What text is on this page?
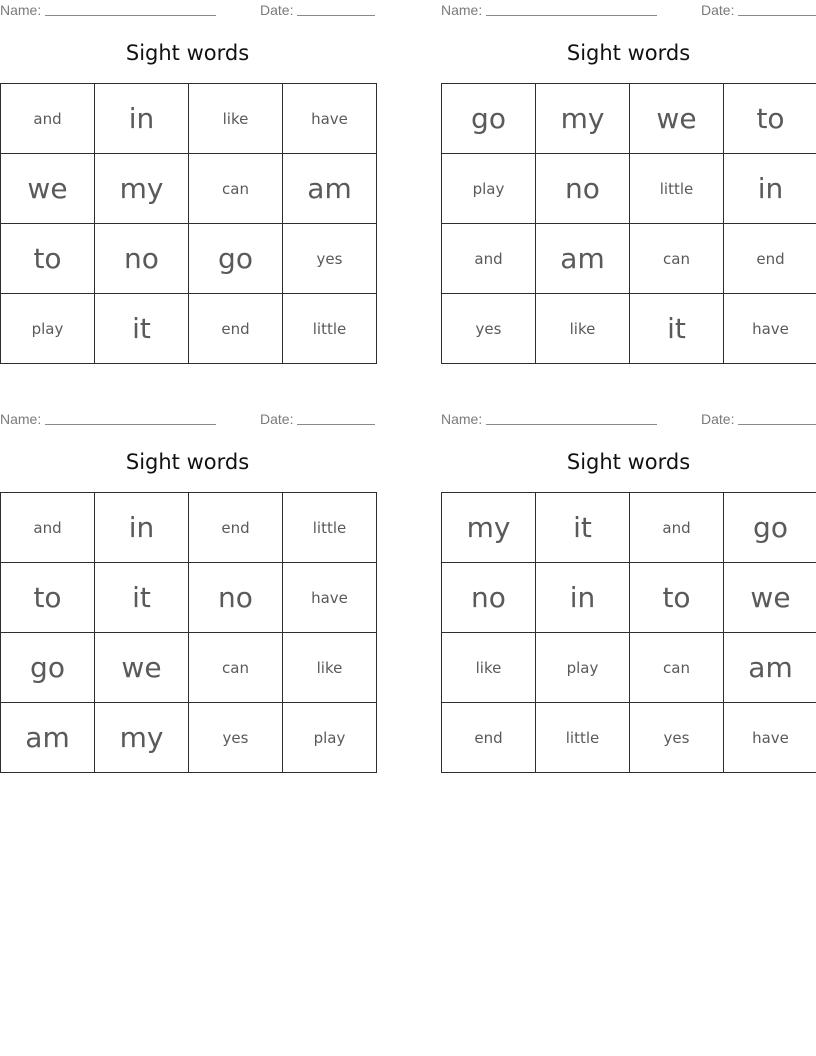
Name:	Date:
Sight words
and	in	like	have
we	my	can	am
to	no	go	yes
play	it	end	little
Name:	Date:
Sight words
go	my	we	to
play	no	little	in
and	am	can	end
yes	like	it	have
Name:	Date:
Sight words
and	in	end	little
to	it	no	have
go	we	can	like
am	my	yes	play
Name:	Date:
Sight words
my	it	and	go
no	in	to	we
like	play	can	am
end	little	yes	have
